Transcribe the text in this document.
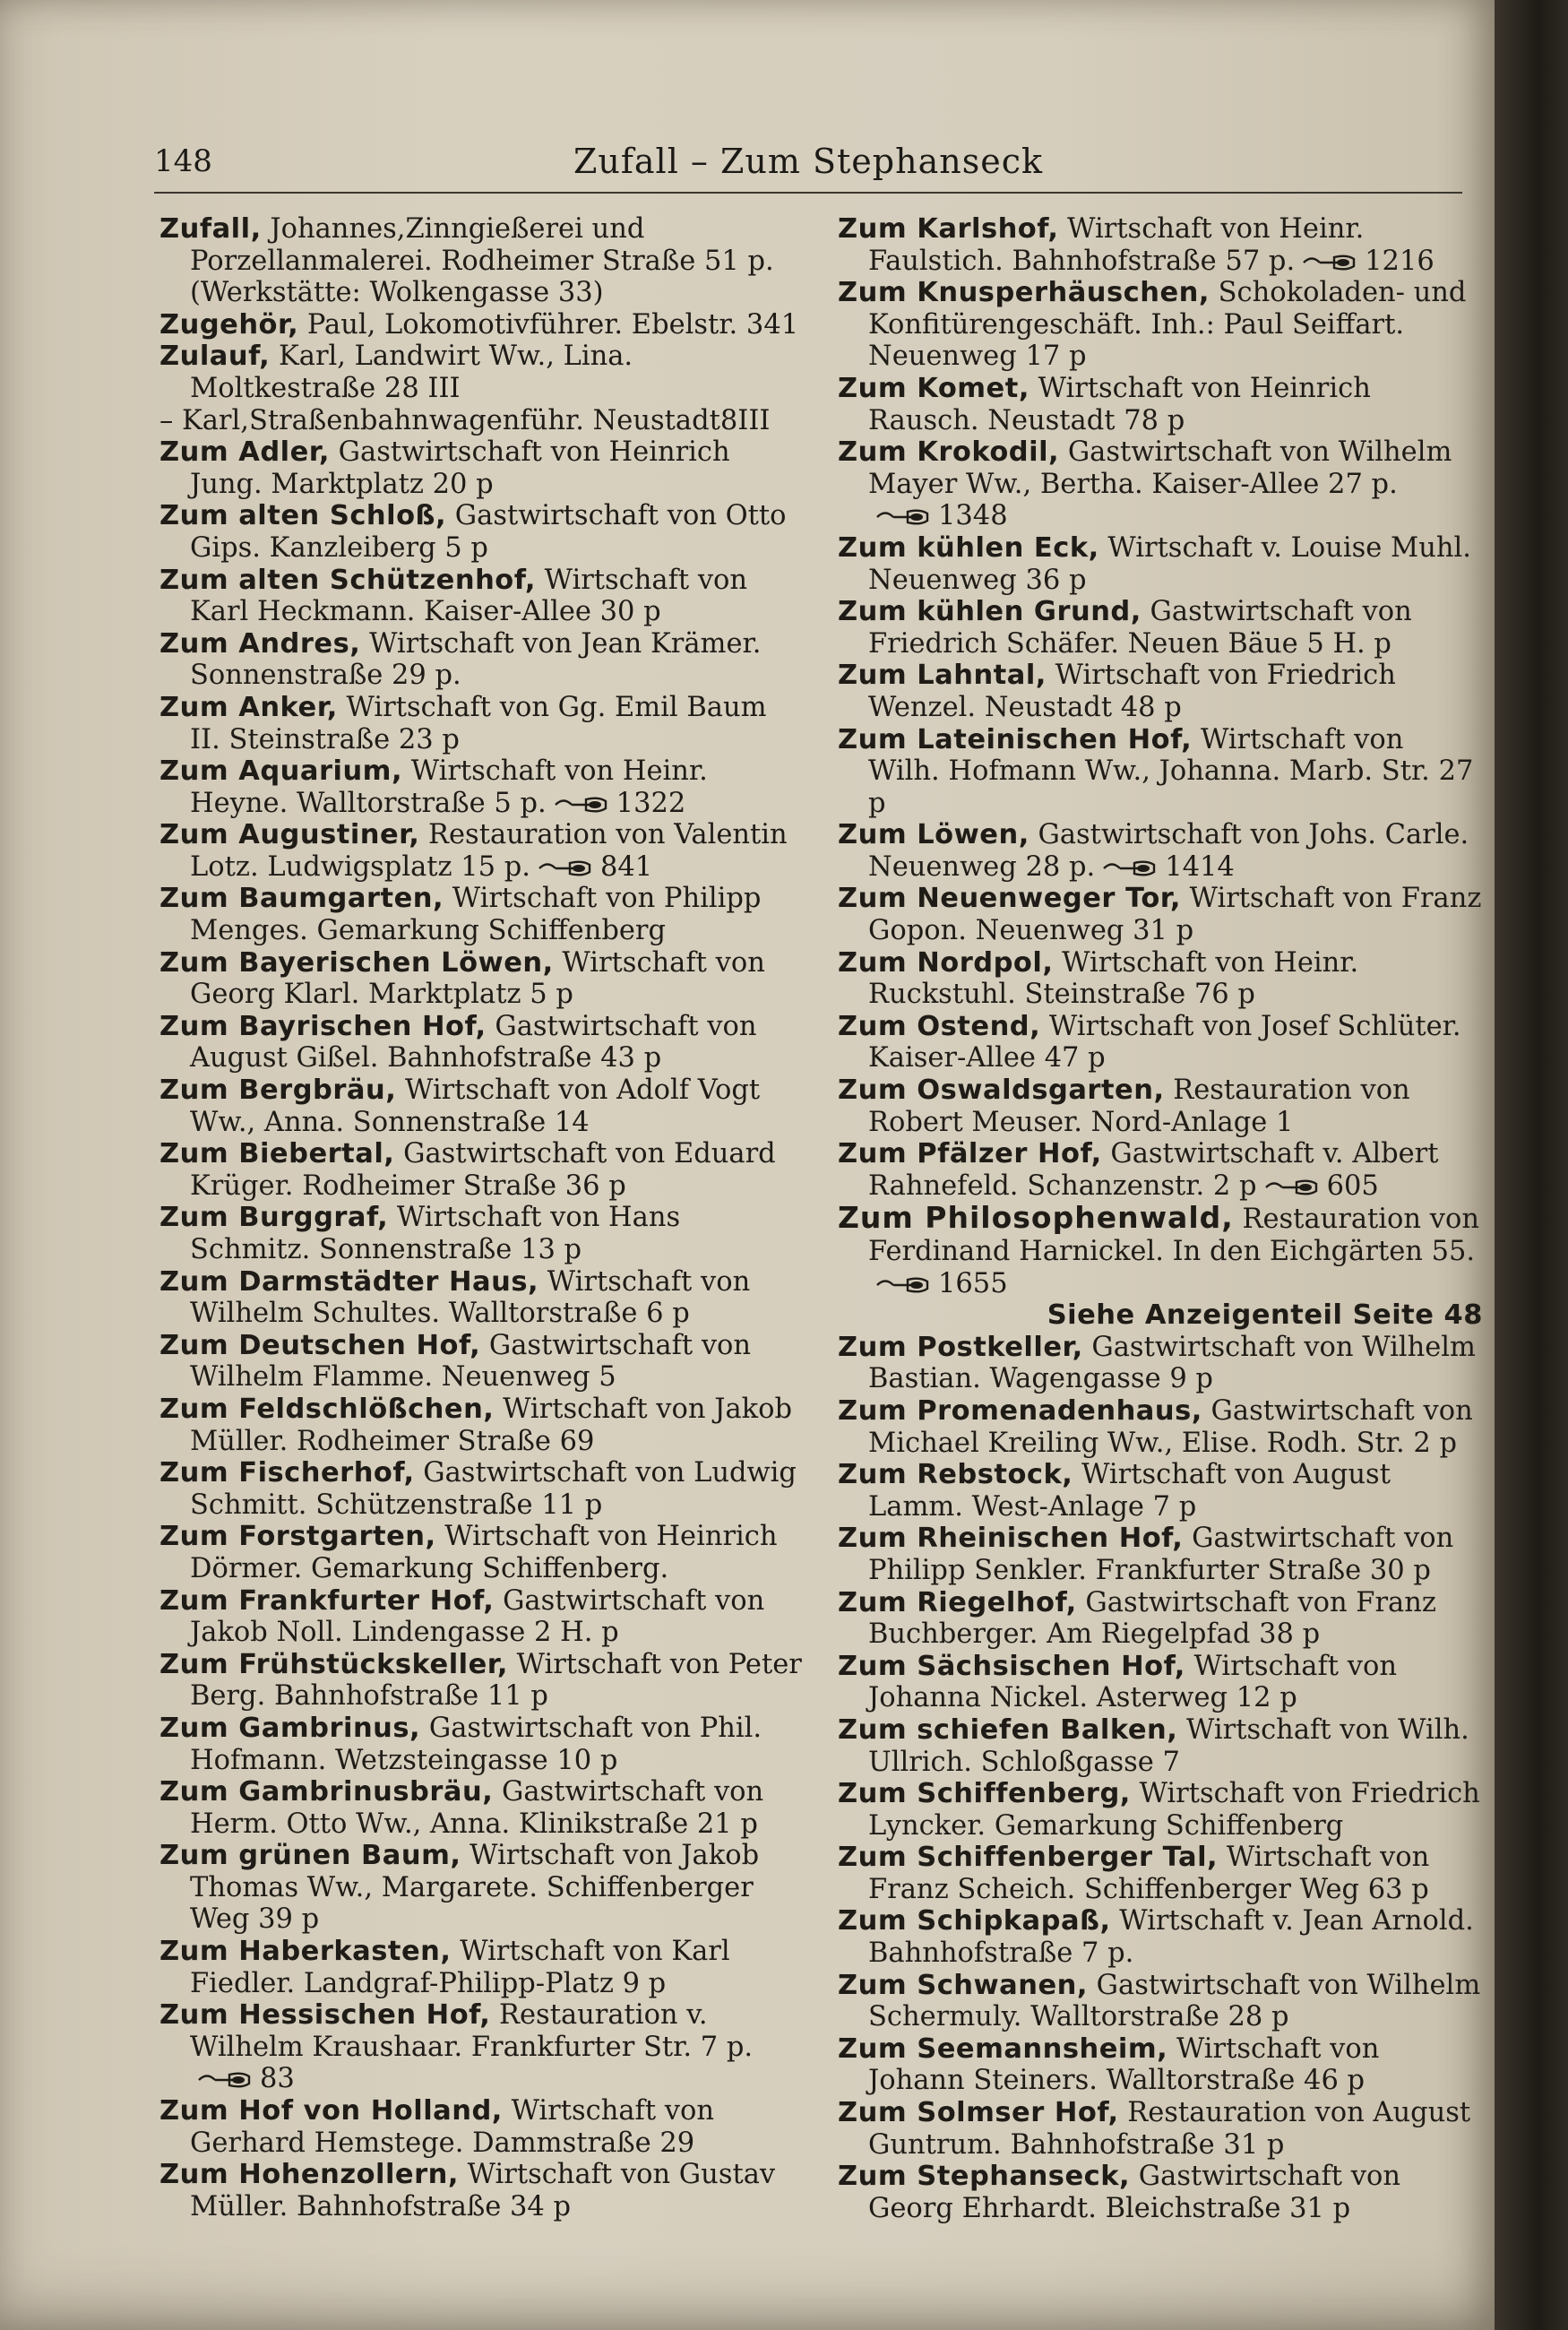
148	Zufall – Zum Stephanseck
Zufall, Johannes,Zinngießerei und Porzellanmalerei. Rodheimer Straße 51 p. (Werkstätte: Wolkengasse 33)
Zugehör, Paul, Lokomotivführer. Ebelstr. 341
Zulauf, Karl, Landwirt Ww., Lina. Moltkestraße 28 III
– Karl,Straßenbahnwagenführ. Neustadt8III
Zum Adler, Gastwirtschaft von Heinrich Jung. Marktplatz 20 p
Zum alten Schloß, Gastwirtschaft von Otto Gips. Kanzleiberg 5 p
Zum alten Schützenhof, Wirtschaft von Karl Heckmann. Kaiser-Allee 30 p
Zum Andres, Wirtschaft von Jean Krämer. Sonnenstraße 29 p.
Zum Anker, Wirtschaft von Gg. Emil Baum II. Steinstraße 23 p
Zum Aquarium, Wirtschaft von Heinr. Heyne. Walltorstraße 5 p.	1322
Zum Augustiner, Restauration von Valentin Lotz. Ludwigsplatz 15 p.	841
Zum Baumgarten, Wirtschaft von Philipp Menges. Gemarkung Schiffenberg
Zum Bayerischen Löwen, Wirtschaft von Georg Klarl. Marktplatz 5 p
Zum Bayrischen Hof, Gastwirtschaft von August Gißel. Bahnhofstraße 43 p
Zum Bergbräu, Wirtschaft von Adolf Vogt Ww., Anna. Sonnenstraße 14
Zum Biebertal, Gastwirtschaft von Eduard Krüger. Rodheimer Straße 36 p
Zum Burggraf, Wirtschaft von Hans Schmitz. Sonnenstraße 13 p
Zum Darmstädter Haus, Wirtschaft von Wilhelm Schultes. Walltorstraße 6 p
Zum Deutschen Hof, Gastwirtschaft von Wilhelm Flamme. Neuenweg 5
Zum Feldschlößchen, Wirtschaft von Jakob Müller. Rodheimer Straße 69
Zum Fischerhof, Gastwirtschaft von Ludwig Schmitt. Schützenstraße 11 p
Zum Forstgarten, Wirtschaft von Heinrich Dörmer. Gemarkung Schiffenberg.
Zum Frankfurter Hof, Gastwirtschaft von Jakob Noll. Lindengasse 2 H. p
Zum Frühstückskeller, Wirtschaft von Peter Berg. Bahnhofstraße 11 p
Zum Gambrinus, Gastwirtschaft von Phil. Hofmann. Wetzsteingasse 10 p
Zum Gambrinusbräu, Gastwirtschaft von Herm. Otto Ww., Anna. Klinikstraße 21 p
Zum grünen Baum, Wirtschaft von Jakob Thomas Ww., Margarete. Schiffenberger Weg 39 p
Zum Haberkasten, Wirtschaft von Karl Fiedler. Landgraf-Philipp-Platz 9 p
Zum Hessischen Hof, Restauration v. Wilhelm Kraushaar. Frankfurter Str. 7 p.83
Zum Hof von Holland, Wirtschaft von Gerhard Hemstege. Dammstraße 29
Zum Hohenzollern, Wirtschaft von Gustav Müller. Bahnhofstraße 34 p
Zum Karlshof, Wirtschaft von Heinr. Faulstich. Bahnhofstraße 57 p.	1216
Zum Knusperhäuschen, Schokoladen- und Konfitürengeschäft. Inh.: Paul Seiffart. Neuenweg 17 p
Zum Komet, Wirtschaft von Heinrich Rausch. Neustadt 78 p
Zum Krokodil, Gastwirtschaft von Wilhelm Mayer Ww., Bertha. Kaiser-Allee 27 p.1348
Zum kühlen Eck, Wirtschaft v. Louise Muhl. Neuenweg 36 p
Zum kühlen Grund, Gastwirtschaft von Friedrich Schäfer. Neuen Bäue 5 H. p
Zum Lahntal, Wirtschaft von Friedrich Wenzel. Neustadt 48 p
Zum Lateinischen Hof, Wirtschaft von Wilh. Hofmann Ww., Johanna. Marb. Str. 27 p
Zum Löwen, Gastwirtschaft von Johs. Carle. Neuenweg 28 p.	1414
Zum Neuenweger Tor, Wirtschaft von Franz Gopon. Neuenweg 31 p
Zum Nordpol, Wirtschaft von Heinr. Ruckstuhl. Steinstraße 76 p
Zum Ostend, Wirtschaft von Josef Schlüter. Kaiser-Allee 47 p
Zum Oswaldsgarten, Restauration von Robert Meuser. Nord-Anlage 1
Zum Pfälzer Hof, Gastwirtschaft v. Albert Rahnefeld. Schanzenstr. 2 p	605
Zum Philosophenwald, Restauration von Ferdinand Harnickel. In den Eichgärten 55.1655
Siehe Anzeigenteil Seite 48
Zum Postkeller, Gastwirtschaft von Wilhelm Bastian. Wagengasse 9 p
Zum Promenadenhaus, Gastwirtschaft von Michael Kreiling Ww., Elise. Rodh. Str. 2 p
Zum Rebstock, Wirtschaft von August Lamm. West-Anlage 7 p
Zum Rheinischen Hof, Gastwirtschaft von Philipp Senkler. Frankfurter Straße 30 p
Zum Riegelhof, Gastwirtschaft von Franz Buchberger. Am Riegelpfad 38 p
Zum Sächsischen Hof, Wirtschaft von Johanna Nickel. Asterweg 12 p
Zum schiefen Balken, Wirtschaft von Wilh. Ullrich. Schloßgasse 7
Zum Schiffenberg, Wirtschaft von Friedrich Lyncker. Gemarkung Schiffenberg
Zum Schiffenberger Tal, Wirtschaft von Franz Scheich. Schiffenberger Weg 63 p
Zum Schipkapaß, Wirtschaft v. Jean Arnold. Bahnhofstraße 7 p.
Zum Schwanen, Gastwirtschaft von Wilhelm Schermuly. Walltorstraße 28 p
Zum Seemannsheim, Wirtschaft von Johann Steiners. Walltorstraße 46 p
Zum Solmser Hof, Restauration von August Guntrum. Bahnhofstraße 31 p
Zum Stephanseck, Gastwirtschaft von Georg Ehrhardt. Bleichstraße 31 p
